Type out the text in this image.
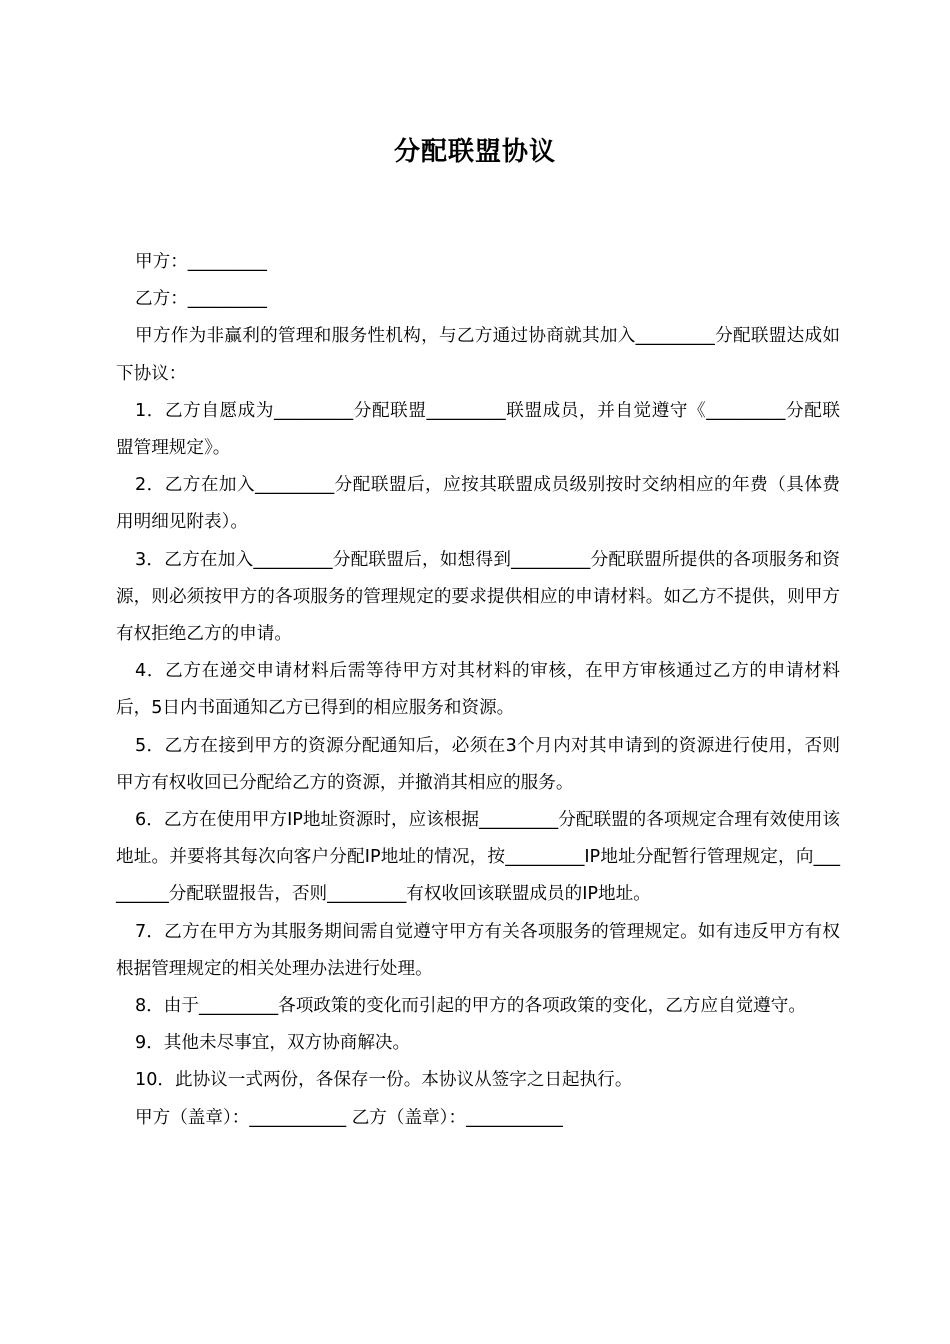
分配联盟协议

甲方：_________

乙方：_________

甲方作为非赢利的管理和服务性机构，与乙方通过协商就其加入_________分配联盟达成如下协议：

1．乙方自愿成为_________分配联盟_________联盟成员，并自觉遵守《_________分配联盟管理规定》。

2．乙方在加入_________分配联盟后，应按其联盟成员级别按时交纳相应的年费（具体费用明细见附表）。

3．乙方在加入_________分配联盟后，如想得到_________分配联盟所提供的各项服务和资源，则必须按甲方的各项服务的管理规定的要求提供相应的申请材料。如乙方不提供，则甲方有权拒绝乙方的申请。

4．乙方在递交申请材料后需等待甲方对其材料的审核，在甲方审核通过乙方的申请材料后，5日内书面通知乙方已得到的相应服务和资源。

5．乙方在接到甲方的资源分配通知后，必须在3个月内对其申请到的资源进行使用，否则甲方有权收回已分配给乙方的资源，并撤消其相应的服务。

6．乙方在使用甲方IP地址资源时，应该根据_________分配联盟的各项规定合理有效使用该地址。并要将其每次向客户分配IP地址的情况，按_________IP地址分配暂行管理规定，向_________分配联盟报告，否则_________有权收回该联盟成员的IP地址。

7．乙方在甲方为其服务期间需自觉遵守甲方有关各项服务的管理规定。如有违反甲方有权根据管理规定的相关处理办法进行处理。

8．由于_________各项政策的变化而引起的甲方的各项政策的变化，乙方应自觉遵守。

9．其他未尽事宜，双方协商解决。

10．此协议一式两份，各保存一份。本协议从签字之日起执行。

甲方（盖章）：___________ 乙方（盖章）：___________
